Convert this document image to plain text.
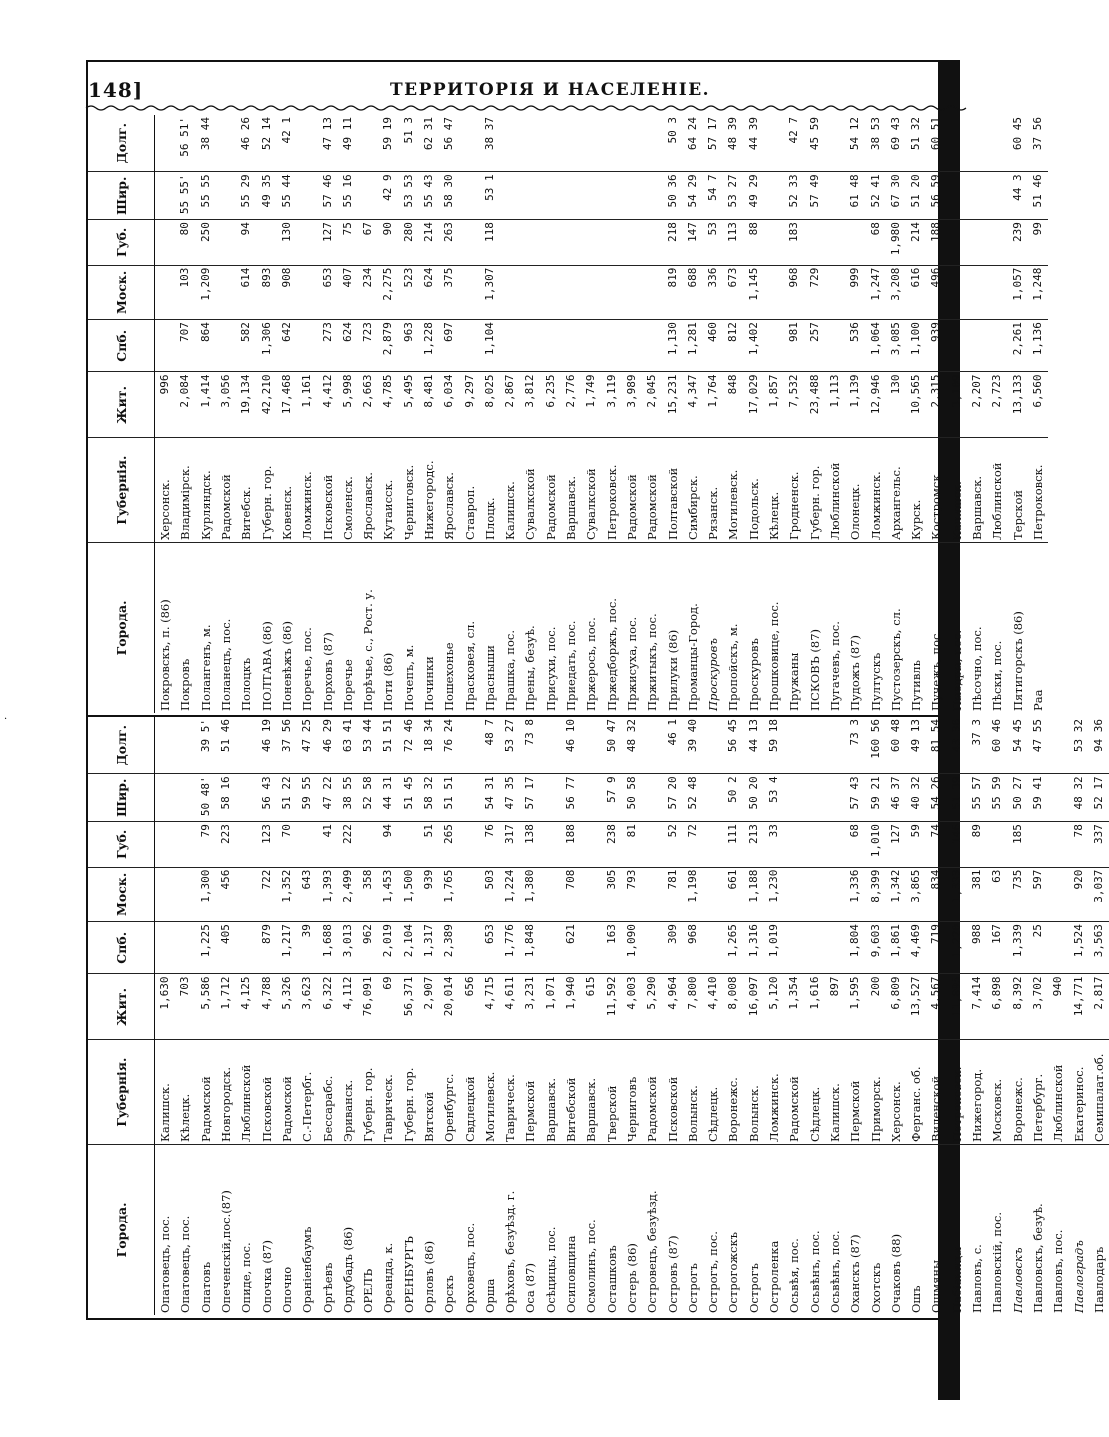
·
148]	ТЕРРИТОРІЯ И НАСЕЛЕНІЕ.
Города.	Губернія.	Жит.	Спб.	Моск.	Губ.	Шир.	Долг.
Опатовецъ, пос.	Калишск.	1,630					
Опатовецъ, пос.	Кѣлецк.	703					
Опатовъ	Радомской	5,586	1,225	1,300	79	50 48'	39 5'
Опеченскій,пос.(87)	Новгородск.	1,712	405	456	223	58 16	51 46
Опиде, пос.	Люблинской	4,125					
Опочка (87)	Псковской	4,788	879	722	123	56 43	46 19
Опочно	Радомской	5,326	1,217	1,352	70	51 22	37 56
Ораніенбаумъ	С.-Петербг.	3,623	39	643		59 55	47 25
Оргѣевъ	Бессарабс.	6,322	1,688	1,393	41	47 22	46 29
Ордубадъ (86)	Эриванск.	4,112	3,013	2,499	222	38 55	63 41
ОРЕЛЪ	Губерн. гор.	76,091	962	358		52 58	53 44
Ореанда, к.	Таврическ.	69	2,019	1,453	94	44 31	51 51
ОРЕНБУРГЪ	Губерн. гор.	56,371	2,104	1,500		51 45	72 46
Орловъ (86)	Вятской	2,907	1,317	939	51	58 32	18 34
Орскъ	Оренбургс.	20,014	2,389	1,765	265	51 51	76 24
Орховецъ, пос.	Свдлецкой	656					
Орша	Могилевск.	4,715	653	503	76	54 31	48 7
Орѣховъ, безуѣзд. г.	Таврическ.	4,611	1,776	1,224	317	47 35	53 27
Оса (87)	Пермской	3,231	1,848	1,380	138	57 17	73 8
Осѣцицы, пос.	Варшавск.	1,071					
Осиповщина	Витебской	1,940	621	708	188	56 77	46 10
Осмолинъ, пос.	Варшавск.	615					
Осташковъ	Тверской	11,592	163	305	238	57 9	50 47
Остерь (86)	Черниговъ	4,003	1,090	793	81	50 58	48 32
Островецъ, безуѣзд.	Радомской	5,290					
Островъ (87)	Псковской	4,964	309	781	52	57 20	46 1
Острогъ	Волынск.	7,800	968	1,198	72	52 48	39 40
Острогъ, пос.	Сѣдлецк.	4,410					
Острогожскъ	Воронежс.	8,008	1,265	661	111	50 2	56 45
Острогъ	Волынск.	16,097	1,316	1,188	213	50 20	44 13
Остроленка	Ломжинск.	5,120	1,019	1,230	33	53 4	59 18
Осьвѣя, пос.	Радомской	1,354					
Осьвѣнъ, пос.	Сѣдлецк.	1,616					
Осьвѣнъ, пос.	Калишск.	897					
Оханскъ (87)	Пермской	1,595	1,804	1,336	68	57 43	73 3
Охотскъ	Приморск.	200	9,603	8,399	1,010	59 21	160 56
Очаковъ (88)	Херсонск.	6,809	1,861	1,342	127	46 37	60 48
Ошъ	Ферганс. об.	13,527	4,469	3,865	59	40 32	49 13
Ошмяны	Виленской	4,567	719	834	74	54 26	81 54
Пабіаницы	Петроковск.	11,895	1,220	1,333	146	51 39	43 36
Павловъ, с.	Нижегород.	7,414	988	381	89	55 57	37 3
Павловскій, пос.	Московск.	6,898	167	63		55 59	60 46
Павловскъ	Воронежс.	8,392	1,339	735	185	50 27	54 45
Павловскъ, безуѣ.	Петербург.	3,702	25	597		59 41	47 55
Павловъ, пос.	Люблинской	940					
Павлоградъ	Екатеринос.	14,771	1,524	920	78	48 32	53 32
Павлодаръ	Семипалат.об.	2,817	3,563	3,037	337	52 17	94 36
Города.	Губернія.	Жит.	Спб.	Моск.	Губ.	Шир.	Долг.
Покровскъ, п. (86)	Херсонск.	996					
Покровъ	Владимірск.	2,084	707	103	80	55 55'	56 51'
Полангенъ, м.	Курляндск.	1,414	864	1,209	250	55 55	38 44
Поланецъ, пос.	Радомской	3,056					
Полоцкъ	Витебск.	19,134	582	614	94	55 29	46 26
ПОЛТАВА (86)	Губерн. гор.	42,210	1,306	893		49 35	52 14
Поневѣжъ (86)	Ковенск.	17,468	642	908	130	55 44	42 1
Поречье, пос.	Ломжинск.	1,161					
Порховъ (87)	Псковской	4,412	273	653	127	57 46	47 13
Поречье	Смоленск.	5,998	624	407	75	55 16	49 11
Порѣчье, с., Рост. у.	Ярославск.	2,663	723	234	67		
Поти (86)	Кутаисск.	4,785	2,879	2,275	90	42 9	59 19
Почепъ, м.	Черниговск.	5,495	963	523	280	53 53	51 3
Починки	Нижегородс.	8,481	1,228	624	214	55 43	62 31
Пошехонье	Ярославск.	6,034	697	375	263	58 30	56 47
Прасковея, сл.	Ставроп.	9,297					
Прасныши	Плоцк.	8,025	1,104	1,307	118	53 1	38 37
Прашка, пос.	Калишск.	2,867					
Прены, безуѣ.	Сувалкской	3,812					
Присухи, пос.	Радомской	6,235					
Приедать, пос.	Варшавск.	2,776					
Пржерось, пос.	Сувалкской	1,749					
Пржедборжъ, пос.	Петроковск.	3,119					
Пржисуха, пос.	Радомской	3,989					
Пржитыкъ, пос.	Радомской	2,045					
Прилуки (86)	Полтавской	15,231	1,130	819	218	50 36	50 3
Проманцы-Город.	Симбирск.	4,347	1,281	688	147	54 29	64 24
Проскуровъ	Рязанск.	1,764	460	336	53	54 7	57 17
Пропойскъ, м.	Могилевск.	848	812	673	113	53 27	48 39
Проскуровъ	Подольск.	17,029	1,402	1,145	88	49 29	44 39
Прошковице, пос.	Кѣлецк.	1,857					
Пружаны	Гродненск.	7,532	981	968	183	52 33	42 7
ПСКОВЪ (87)	Губерн. гор.	23,488	257	729		57 49	45 59
Пугачевъ, пос.	Люблинской	1,113					
Пудожъ (87)	Олонецк.	1,139	536	999		61 48	54 12
Пултускъ	Ломжинск.	12,946	1,064	1,247	68	52 41	38 53
Пустозерскъ, сл.	Архангельс.	130	3,085	3,208	1,980	67 30	69 43
Путивль	Курск.	10,565	1,100	616	214	51 20	51 32
Пучежъ, пос.	Костромск.	2,315	939	496	188	56 59	60 51
Пыздры, пос.	Калишск.	3,109					
Пѣсочно, пос.	Варшавск.	2,207					
Пѣски, пос.	Люблинской	2,723					
Пятигорскъ (86)	Терской	13,133	2,261	1,057	239	44 3	60 45
Раа	Петроковск.	6,560	1,136	1,248	99	51 46	37 56
